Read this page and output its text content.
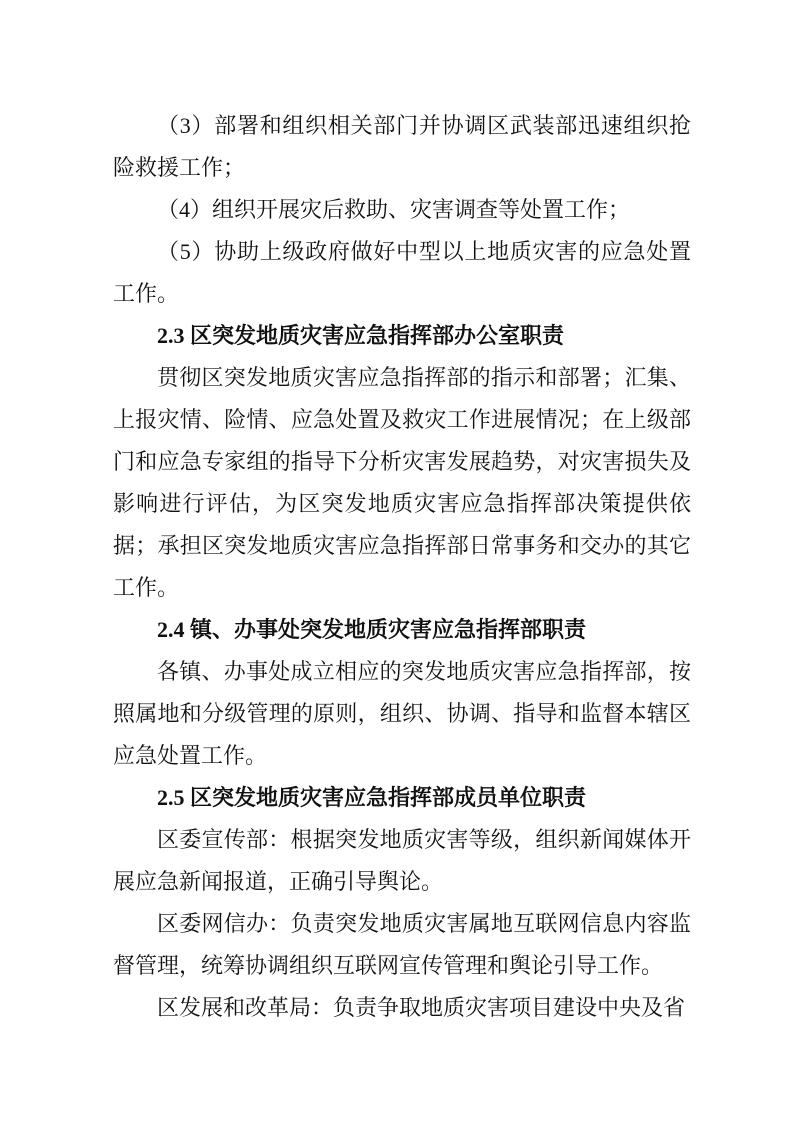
（3）部署和组织相关部门并协调区武装部迅速组织抢险救援工作；

（4）组织开展灾后救助、灾害调查等处置工作；

（5）协助上级政府做好中型以上地质灾害的应急处置工作。

2.3 区突发地质灾害应急指挥部办公室职责

贯彻区突发地质灾害应急指挥部的指示和部署；汇集、上报灾情、险情、应急处置及救灾工作进展情况；在上级部门和应急专家组的指导下分析灾害发展趋势，对灾害损失及影响进行评估，为区突发地质灾害应急指挥部决策提供依据；承担区突发地质灾害应急指挥部日常事务和交办的其它工作。

2.4 镇、办事处突发地质灾害应急指挥部职责

各镇、办事处成立相应的突发地质灾害应急指挥部，按照属地和分级管理的原则，组织、协调、指导和监督本辖区应急处置工作。

2.5 区突发地质灾害应急指挥部成员单位职责

区委宣传部：根据突发地质灾害等级，组织新闻媒体开展应急新闻报道，正确引导舆论。

区委网信办：负责突发地质灾害属地互联网信息内容监督管理，统筹协调组织互联网宣传管理和舆论引导工作。

区发展和改革局：负责争取地质灾害项目建设中央及省
